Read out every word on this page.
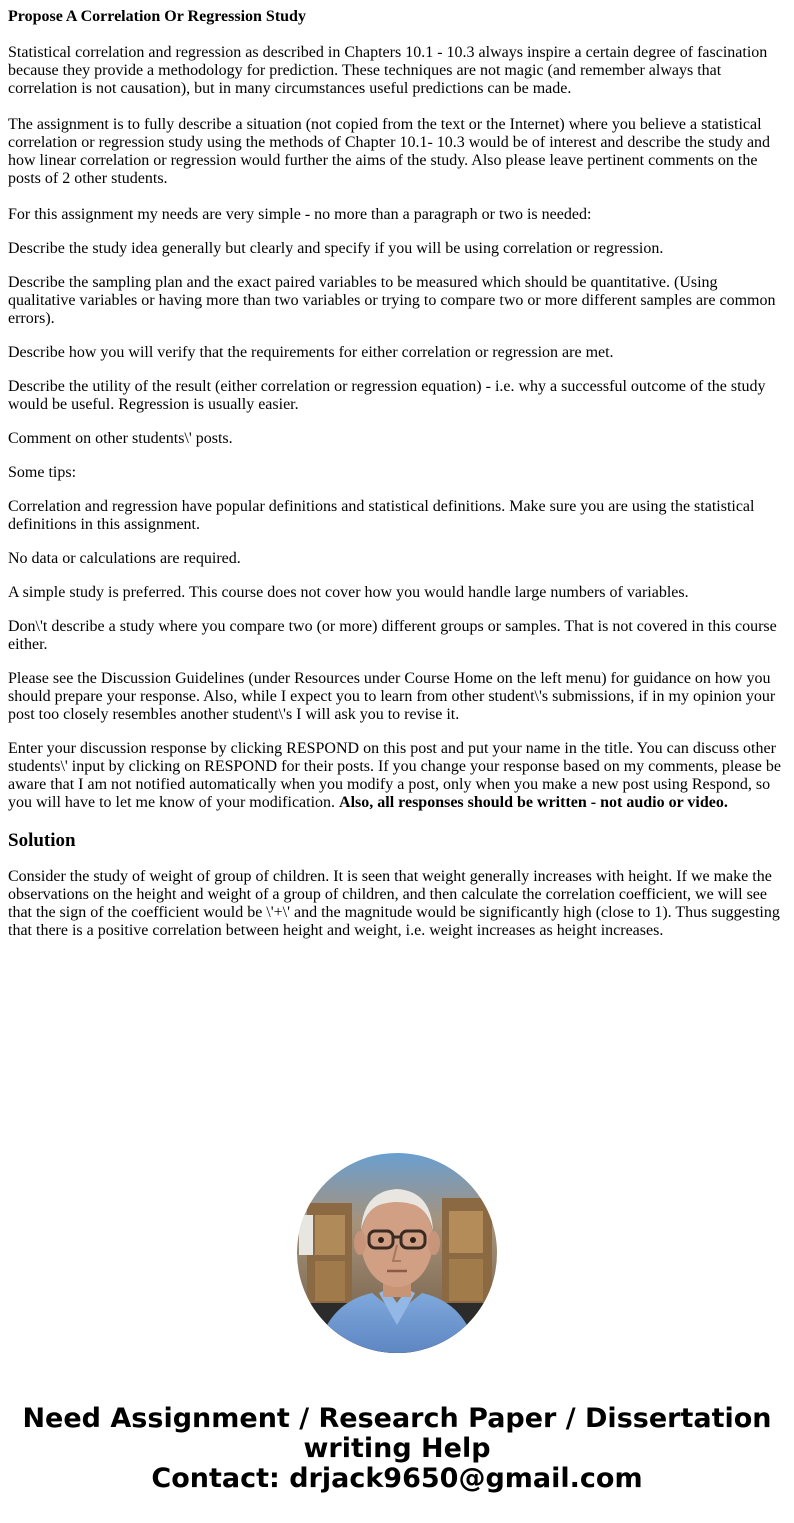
Propose A Correlation Or Regression Study

Statistical correlation and regression as described in Chapters 10.1 - 10.3 always inspire a certain degree of fascination because they provide a methodology for prediction. These techniques are not magic (and remember always that correlation is not causation), but in many circumstances useful predictions can be made.

The assignment is to fully describe a situation (not copied from the text or the Internet) where you believe a statistical correlation or regression study using the methods of Chapter 10.1- 10.3 would be of interest and describe the study and how linear correlation or regression would further the aims of the study. Also please leave pertinent comments on the posts of 2 other students.

For this assignment my needs are very simple - no more than a paragraph or two is needed:

Describe the study idea generally but clearly and specify if you will be using correlation or regression.

Describe the sampling plan and the exact paired variables to be measured which should be quantitative. (Using qualitative variables or having more than two variables or trying to compare two or more different samples are common errors).

Describe how you will verify that the requirements for either correlation or regression are met.

Describe the utility of the result (either correlation or regression equation) - i.e. why a successful outcome of the study would be useful. Regression is usually easier.

Comment on other students\' posts.

Some tips:

Correlation and regression have popular definitions and statistical definitions. Make sure you are using the statistical definitions in this assignment.

No data or calculations are required.

A simple study is preferred. This course does not cover how you would handle large numbers of variables.

Don\'t describe a study where you compare two (or more) different groups or samples. That is not covered in this course either.

Please see the Discussion Guidelines (under Resources under Course Home on the left menu) for guidance on how you should prepare your response. Also, while I expect you to learn from other student\'s submissions, if in my opinion your post too closely resembles another student\'s I will ask you to revise it.

Enter your discussion response by clicking RESPOND on this post and put your name in the title. You can discuss other students\' input by clicking on RESPOND for their posts. If you change your response based on my comments, please be aware that I am not notified automatically when you modify a post, only when you make a new post using Respond, so you will have to let me know of your modification. Also, all responses should be written - not audio or video.

Solution

Consider the study of weight of group of children. It is seen that weight generally increases with height. If we make the observations on the height and weight of a group of children, and then calculate the correlation coefficient, we will see that the sign of the coefficient would be \'+\' and the magnitude would be significantly high (close to 1). Thus suggesting that there is a positive correlation between height and weight, i.e. weight increases as height increases.

Need Assignment / Research Paper / Dissertation
writing Help
Contact: drjack9650@gmail.com
